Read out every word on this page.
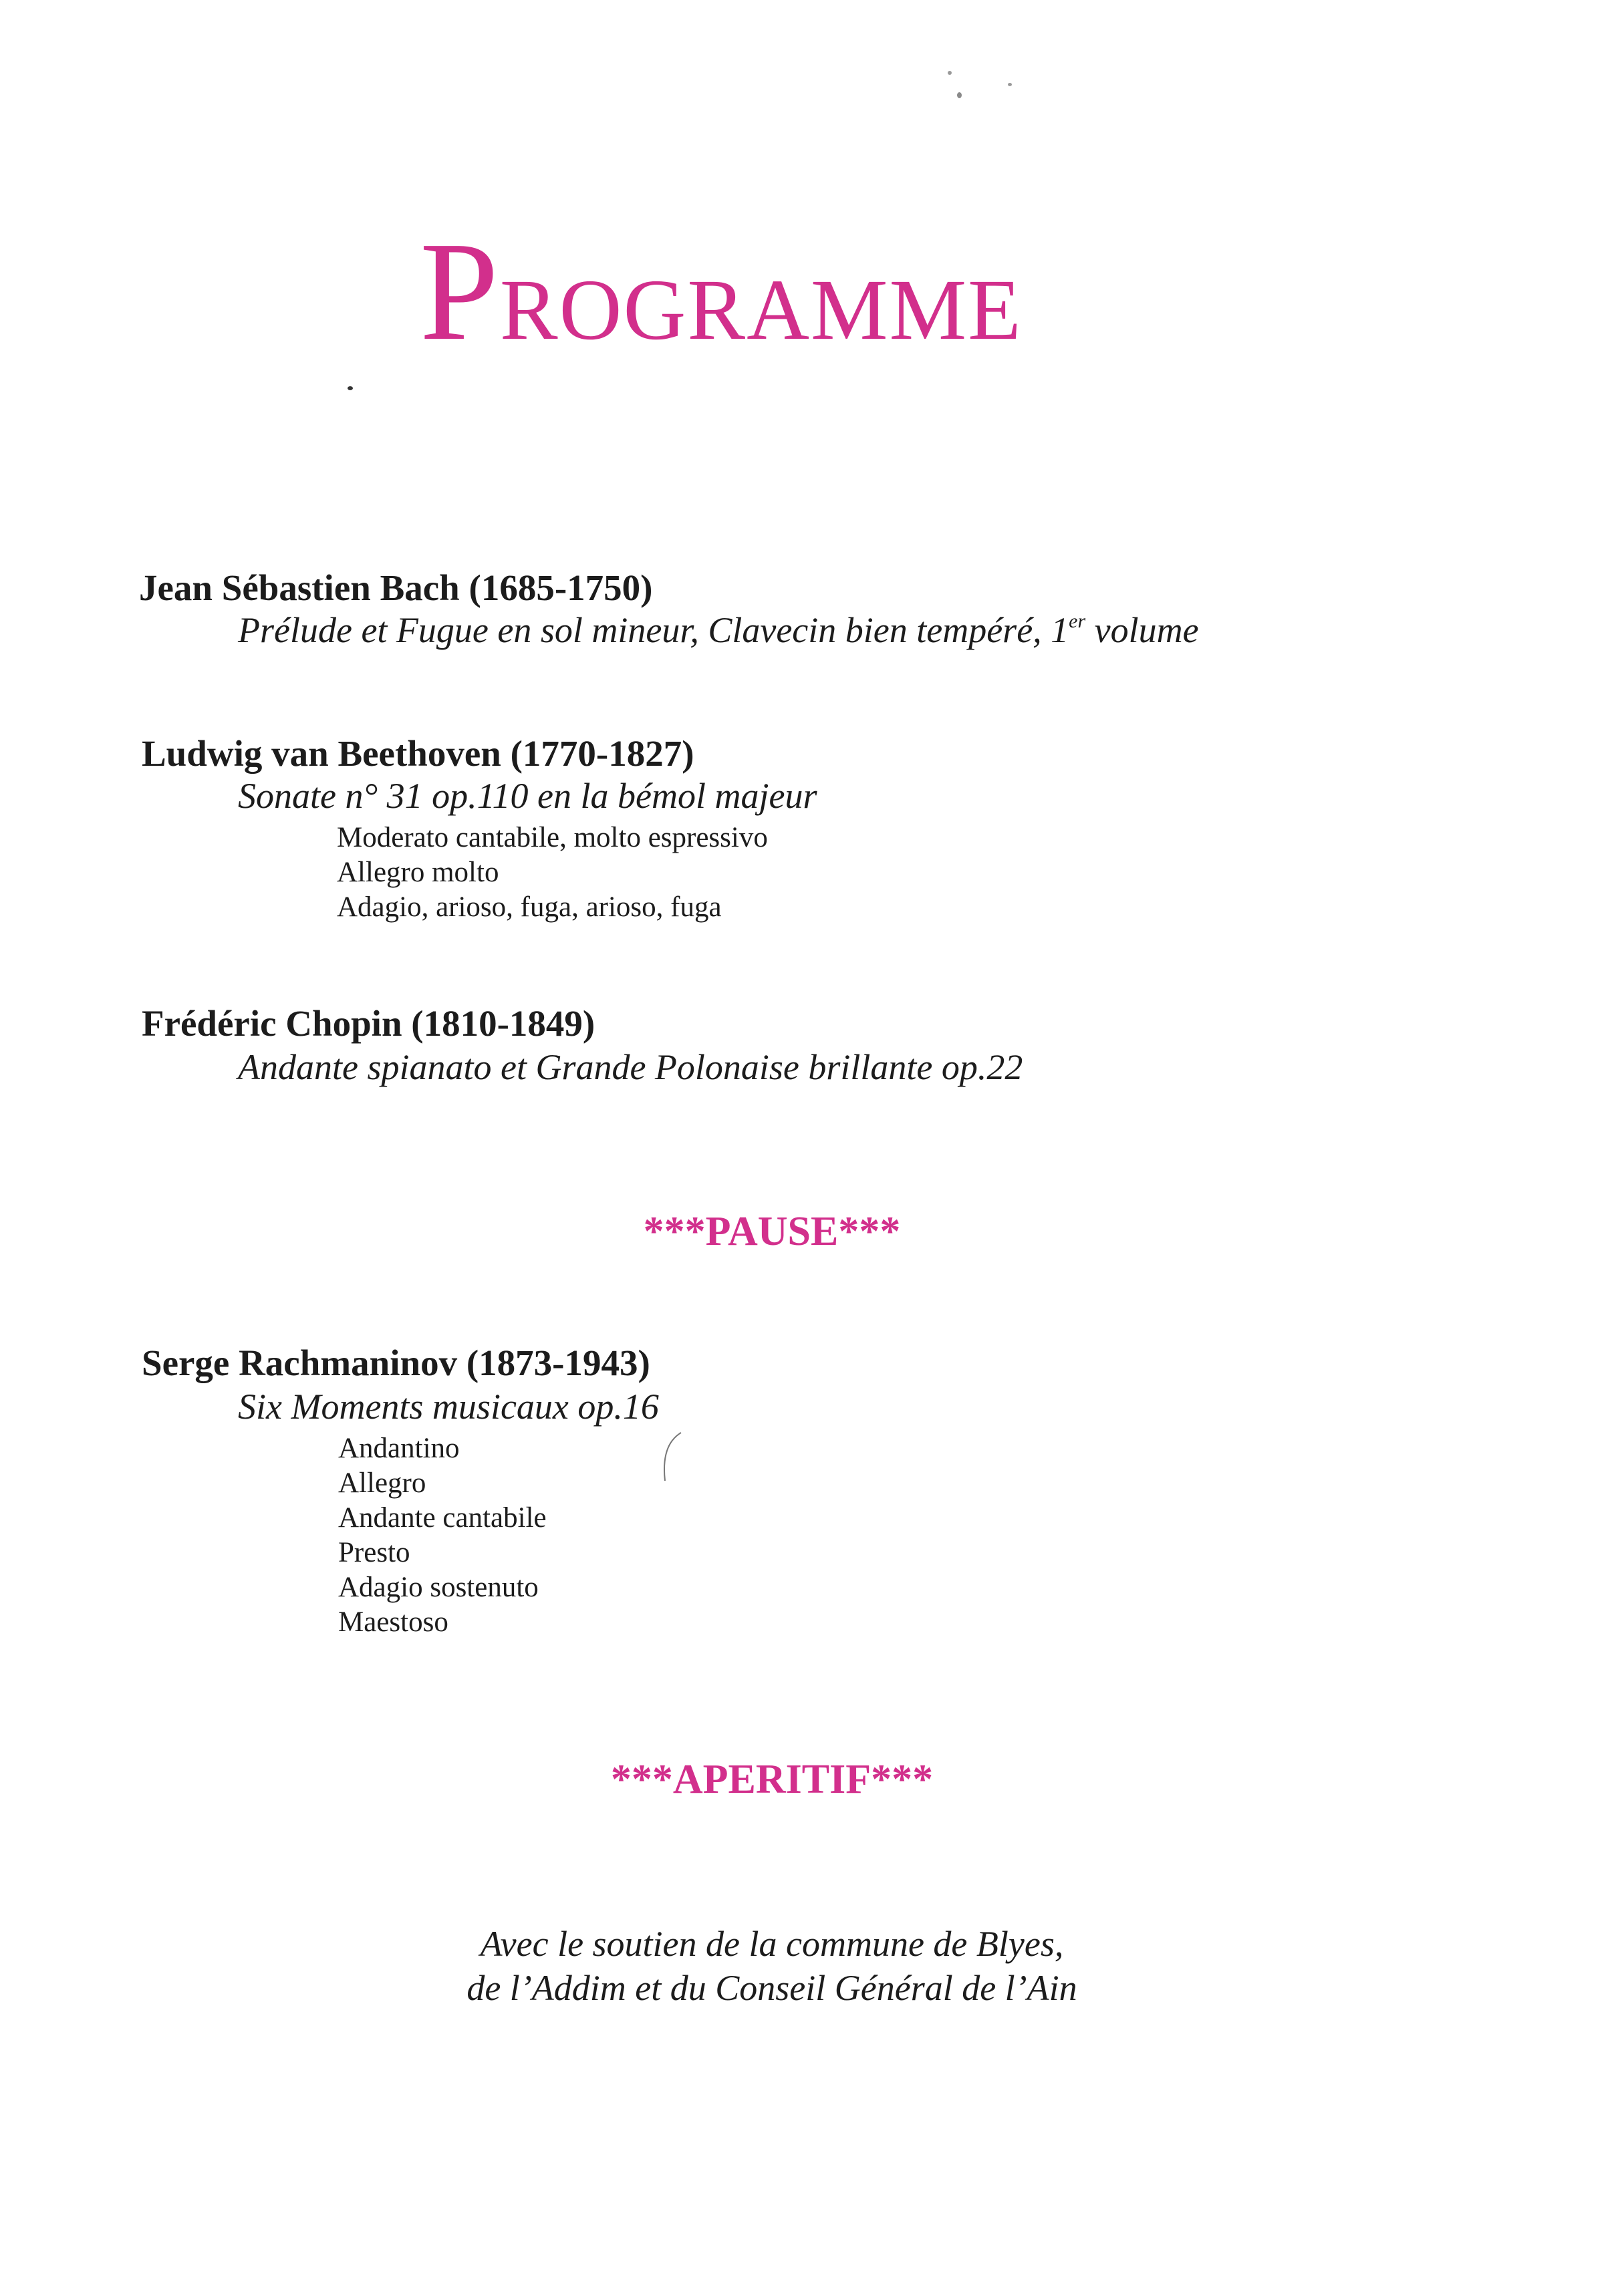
PROGRAMME
Jean Sébastien Bach (1685-1750)
Prélude et Fugue en sol mineur, Clavecin bien tempéré, 1er volume
Ludwig van Beethoven (1770-1827)
Sonate n° 31 op.110 en la bémol majeur
Moderato cantabile, molto espressivo
Allegro molto
Adagio, arioso, fuga, arioso, fuga
Frédéric Chopin (1810-1849)
Andante spianato et Grande Polonaise brillante op.22
***PAUSE***
Serge Rachmaninov (1873-1943)
Six Moments musicaux op.16
Andantino
Allegro
Andante cantabile
Presto
Adagio sostenuto
Maestoso
***APERITIF***
Avec le soutien de la commune de Blyes,
de l’Addim et du Conseil Général de l’Ain
